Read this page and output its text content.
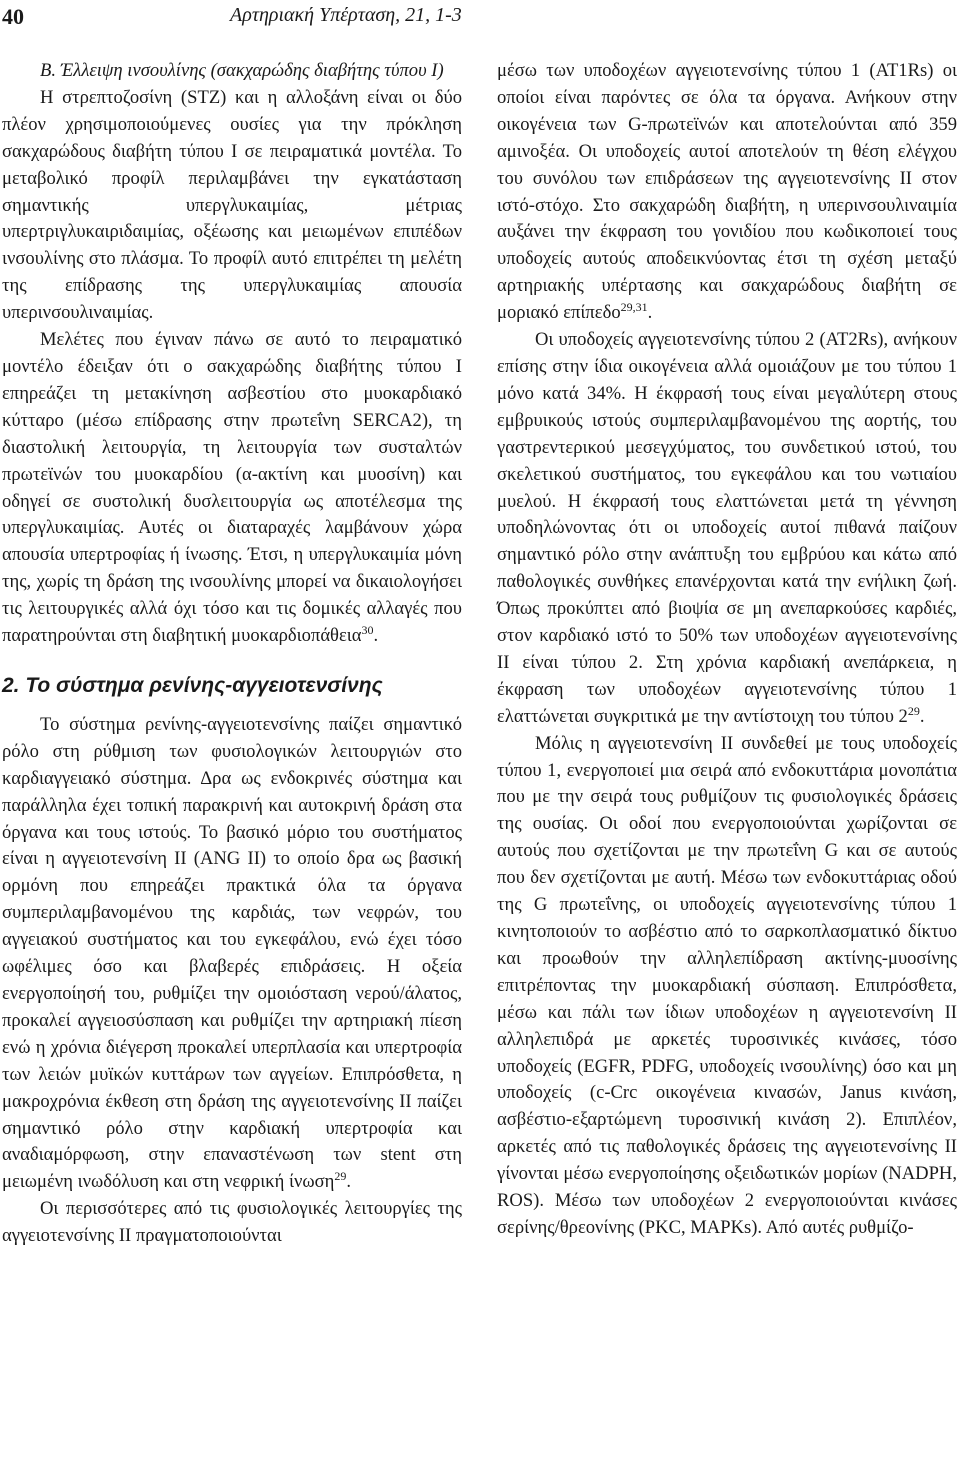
40	Αρτηριακή Υπέρταση, 21, 1-3

Β. Έλλειψη ινσουλίνης (σακχαρώδης διαβήτης τύπου Ι)

Η στρεπτοζοσίνη (STZ) και η αλλοξάνη είναι οι δύο πλέον χρησιμοποιούμενες ουσίες για την πρόκληση σακχαρώδους διαβήτη τύπου Ι σε πειραματικά μοντέλα. Το μεταβολικό προφίλ περιλαμβάνει την εγκατάσταση σημαντικής υπεργλυκαιμίας, μέτριας υπερτριγλυκαιριδαιμίας, οξέωσης και μειωμένων επιπέδων ινσουλίνης στο πλάσμα. Το προφίλ αυτό επιτρέπει τη μελέτη της επίδρασης της υπεργλυκαιμίας απουσία υπερινσουλιναιμίας.

Μελέτες που έγιναν πάνω σε αυτό το πειραματικό μοντέλο έδειξαν ότι ο σακχαρώδης διαβήτης τύπου Ι επηρεάζει τη μετακίνηση ασβεστίου στο μυοκαρδιακό κύτταρο (μέσω επίδρασης στην πρωτεΐνη SERCA2), τη διαστολική λειτουργία, τη λειτουργία των συσταλτών πρωτεϊνών του μυοκαρδίου (α-ακτίνη και μυοσίνη) και οδηγεί σε συστολική δυσλειτουργία ως αποτέλεσμα της υπεργλυκαιμίας. Αυτές οι διαταραχές λαμβάνουν χώρα απουσία υπερτροφίας ή ίνωσης. Έτσι, η υπεργλυκαιμία μόνη της, χωρίς τη δράση της ινσουλίνης μπορεί να δικαιολογήσει τις λειτουργικές αλλά όχι τόσο και τις δομικές αλλαγές που παρατηρούνται στη διαβητική μυοκαρδιοπάθεια$^{30}$.

2. Το σύστημα ρενίνης-αγγειοτενσίνης

Το σύστημα ρενίνης-αγγειοτενσίνης παίζει σημαντικό ρόλο στη ρύθμιση των φυσιολογικών λειτουργιών στο καρδιαγγειακό σύστημα. Δρα ως ενδοκρινές σύστημα και παράλληλα έχει τοπική παρακρινή και αυτοκρινή δράση στα όργανα και τους ιστούς. Το βασικό μόριο του συστήματος είναι η αγγειοτενσίνη ΙΙ (ANG II) το οποίο δρα ως βασική ορμόνη που επηρεάζει πρακτικά όλα τα όργανα συμπεριλαμβανομένου της καρδιάς, των νεφρών, του αγγειακού συστήματος και του εγκεφάλου, ενώ έχει τόσο ωφέλιμες όσο και βλαβερές επιδράσεις. Η οξεία ενεργοποίησή του, ρυθμίζει την ομοιόσταση νερού/άλατος, προκαλεί αγγειοσύσπαση και ρυθμίζει την αρτηριακή πίεση ενώ η χρόνια διέγερση προκαλεί υπερπλασία και υπερτροφία των λειών μυϊκών κυττάρων των αγγείων. Επιπρόσθετα, η μακροχρόνια έκθεση στη δράση της αγγειοτενσίνης ΙΙ παίζει σημαντικό ρόλο στην καρδιακή υπερτροφία και αναδιαμόρφωση, στην επαναστένωση των stent στη μειωμένη ινωδόλυση και στη νεφρική ίνωση$^{29}$.

Οι περισσότερες από τις φυσιολογικές λειτουργίες της αγγειοτενσίνης ΙΙ πραγματοποιούνται

μέσω των υποδοχέων αγγειοτενσίνης τύπου 1 (AT1Rs) οι οποίοι είναι παρόντες σε όλα τα όργανα. Ανήκουν στην οικογένεια των G-πρωτεϊνών και αποτελούνται από 359 αμινοξέα. Οι υποδοχείς αυτοί αποτελούν τη θέση ελέγχου του συνόλου των επιδράσεων της αγγειοτενσίνης ΙΙ στον ιστό-στόχο. Στο σακχαρώδη διαβήτη, η υπερινσουλιναιμία αυξάνει την έκφραση του γονιδίου που κωδικοποιεί τους υποδοχείς αυτούς αποδεικνύοντας έτσι τη σχέση μεταξύ αρτηριακής υπέρτασης και σακχαρώδους διαβήτη σε μοριακό επίπεδο$^{29,31}$.

Οι υποδοχείς αγγειοτενσίνης τύπου 2 (AT2Rs), ανήκουν επίσης στην ίδια οικογένεια αλλά ομοιάζουν με του τύπου 1 μόνο κατά 34%. Η έκφρασή τους είναι μεγαλύτερη στους εμβρυικούς ιστούς συμπεριλαμβανομένου της αορτής, του γαστρεντερικού μεσεγχύματος, του συνδετικού ιστού, του σκελετικού συστήματος, του εγκεφάλου και του νωτιαίου μυελού. Η έκφρασή τους ελαττώνεται μετά τη γέννηση υποδηλώνοντας ότι οι υποδοχείς αυτοί πιθανά παίζουν σημαντικό ρόλο στην ανάπτυξη του εμβρύου και κάτω από παθολογικές συνθήκες επανέρχονται κατά την ενήλικη ζωή. Όπως προκύπτει από βιοψία σε μη ανεπαρκούσες καρδιές, στον καρδιακό ιστό το 50% των υποδοχέων αγγειοτενσίνης ΙΙ είναι τύπου 2. Στη χρόνια καρδιακή ανεπάρκεια, η έκφραση των υποδοχέων αγγειοτενσίνης τύπου 1 ελαττώνεται συγκριτικά με την αντίστοιχη του τύπου $2^{29}$.

Μόλις η αγγειοτενσίνη ΙΙ συνδεθεί με τους υποδοχείς τύπου 1, ενεργοποιεί μια σειρά από ενδοκυττάρια μονοπάτια που με την σειρά τους ρυθμίζουν τις φυσιολογικές δράσεις της ουσίας. Οι οδοί που ενεργοποιούνται χωρίζονται σε αυτούς που σχετίζονται με την πρωτεΐνη G και σε αυτούς που δεν σχετίζονται με αυτή. Μέσω των ενδοκυττάριας οδού της G πρωτεΐνης, οι υποδοχείς αγγειοτενσίνης τύπου 1 κινητοποιούν το ασβέστιο από το σαρκοπλασματικό δίκτυο και προωθούν την αλληλεπίδραση ακτίνης-μυοσίνης επιτρέποντας την μυοκαρδιακή σύσπαση. Επιπρόσθετα, μέσω και πάλι των ίδιων υποδοχέων η αγγειοτενσίνη ΙΙ αλληλεπιδρά με αρκετές τυροσινικές κινάσες, τόσο υποδοχείς (EGFR, PDFG, υποδοχείς ινσουλίνης) όσο και μη υποδοχείς (c-Crc οικογένεια κινασών, Janus κινάση, ασβέστιο-εξαρτώμενη τυροσινική κινάση 2). Επιπλέον, αρκετές από τις παθολογικές δράσεις της αγγειοτενσίνης ΙΙ γίνονται μέσω ενεργοποίησης οξειδωτικών μορίων (NADPH, ROS). Μέσω των υποδοχέων 2 ενεργοποιούνται κινάσες σερίνης/θρεονίνης (PKC, MAPKs). Από αυτές ρυθμίζο-
